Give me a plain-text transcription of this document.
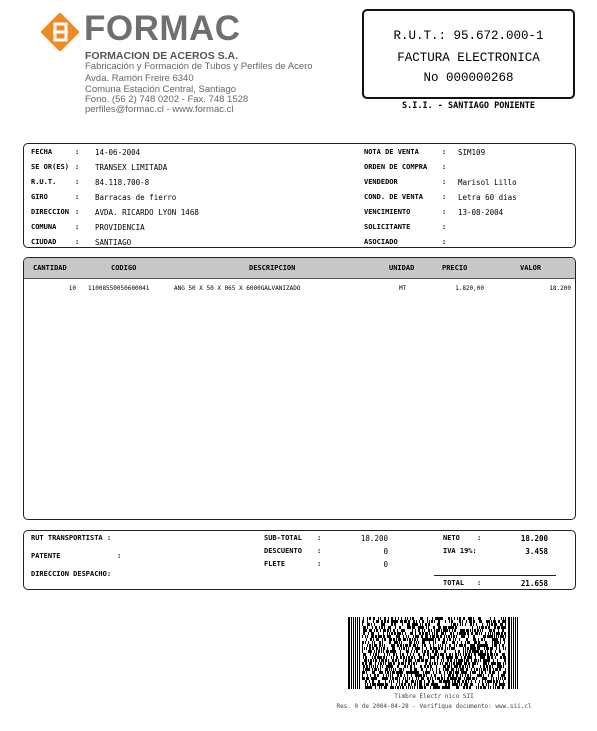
FORMAC
FORMACION DE ACEROS S.A.
Fabricación y Formación de Tubos y Perfiles de Acero
Avda. Ramón Freire 6340
Comuna Estación Central, Santiago
Fono. (56 2) 748 0202 - Fax. 748 1528
perfiles@formac.cl - www.formac.cl
R.U.T.: 95.672.000-1
FACTURA ELECTRONICA
No 000000268
S.I.I. - SANTIAGO PONIENTE
FECHA	: 14-06-2004
SE OR(ES) : TRANSEX LIMITADA
R.U.T.	: 84.118.700-8
GIRO	: Barracas de fierro
DIRECCION : AVDA. RICARDO LYON 1468
COMUNA	: PROVIDENCIA
CIUDAD	: SANTIAGO
NOTA DE VENTA	: SIM109
ORDEN DE COMPRA :
VENDEDOR	: Marisol Lillo
COND. DE VENTA	: Letra 60 dias
VENCIMIENTO	: 13-08-2004
SOLICITANTE	:
ASOCIADO	:
CANTIDAD	CODIGO	DESCRIPCION	UNIDAD	PRECIO	VALOR
10 11008550050600041	ANG 50 X 50 X 065 X 6000GALVANIZADO	MT	1.820,00	18.200
RUT TRANSPORTISTA :
PATENTE	:
DIRECCION DESPACHO:
SUB-TOTAL :	18.200
DESCUENTO :	0
FLETE	:	0
NETO :	18.200
IVA 19%:	3.458
TOTAL :	21.658
Timbre Electr nico SII
Res. 0 de 2004-04-28 - Verifique documento: www.sii.cl
